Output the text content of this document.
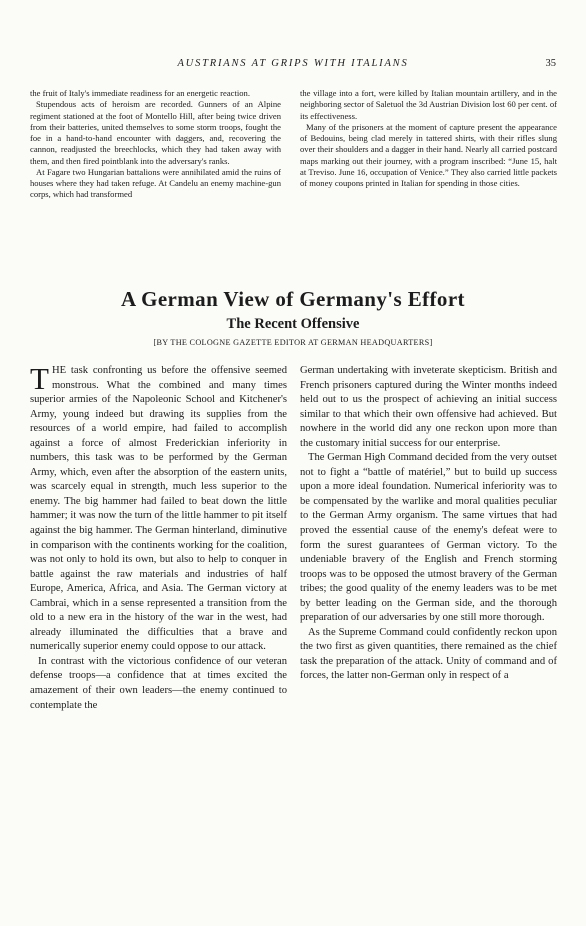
AUSTRIANS AT GRIPS WITH ITALIANS	35

the fruit of Italy's immediate readiness for an energetic reaction.

Stupendous acts of heroism are recorded. Gunners of an Alpine regiment stationed at the foot of Montello Hill, after being twice driven from their batteries, united themselves to some storm troops, fought the foe in a hand-to-hand encounter with daggers, and, recovering the cannon, readjusted the breechlocks, which they had taken away with them, and then fired pointblank into the adversary's ranks.

At Fagare two Hungarian battalions were annihilated amid the ruins of houses where they had taken refuge. At Candelu an enemy machine-gun corps, which had transformed

the village into a fort, were killed by Italian mountain artillery, and in the neighboring sector of Saletuol the 3d Austrian Division lost 60 per cent. of its effectiveness.

Many of the prisoners at the moment of capture present the appearance of Bedouins, being clad merely in tattered shirts, with their rifles slung over their shoulders and a dagger in their hand. Nearly all carried postcard maps marking out their journey, with a program inscribed: “June 15, halt at Treviso. June 16, occupation of Venice.” They also carried little packets of money coupons printed in Italian for spending in those cities.

A German View of Germany's Effort
The Recent Offensive
[BY THE COLOGNE GAZETTE EDITOR AT GERMAN HEADQUARTERS]

THE task confronting us before the offensive seemed monstrous. What the combined and many times superior armies of the Napoleonic School and Kitchener's Army, young indeed but drawing its supplies from the resources of a world empire, had failed to accomplish against a force of almost Frederickian inferiority in numbers, this task was to be performed by the German Army, which, even after the absorption of the eastern units, was scarcely equal in strength, much less superior to the enemy. The big hammer had failed to beat down the little hammer; it was now the turn of the little hammer to pit itself against the big hammer. The German hinterland, diminutive in comparison with the continents working for the coalition, was not only to hold its own, but also to help to conquer in battle against the raw materials and industries of half Europe, America, Africa, and Asia. The German victory at Cambrai, which in a sense represented a transition from the old to a new era in the history of the war in the west, had already illuminated the difficulties that a brave and numerically superior enemy could oppose to our attack.

In contrast with the victorious confidence of our veteran defense troops—a confidence that at times excited the amazement of their own leaders—the enemy continued to contemplate the

German undertaking with inveterate skepticism. British and French prisoners captured during the Winter months indeed held out to us the prospect of achieving an initial success similar to that which their own offensive had achieved. But nowhere in the world did any one reckon upon more than the customary initial success for our enterprise.

The German High Command decided from the very outset not to fight a “battle of matériel,” but to build up success upon a more ideal foundation. Numerical inferiority was to be compensated by the warlike and moral qualities peculiar to the German Army organism. The same virtues that had proved the essential cause of the enemy's defeat were to form the surest guarantees of German victory. To the undeniable bravery of the English and French storming troops was to be opposed the utmost bravery of the German tribes; the good quality of the enemy leaders was to be met by better leading on the German side, and the thorough preparation of our adversaries by one still more thorough.

As the Supreme Command could confidently reckon upon the two first as given quantities, there remained as the chief task the preparation of the attack. Unity of command and of forces, the latter non-German only in respect of a
